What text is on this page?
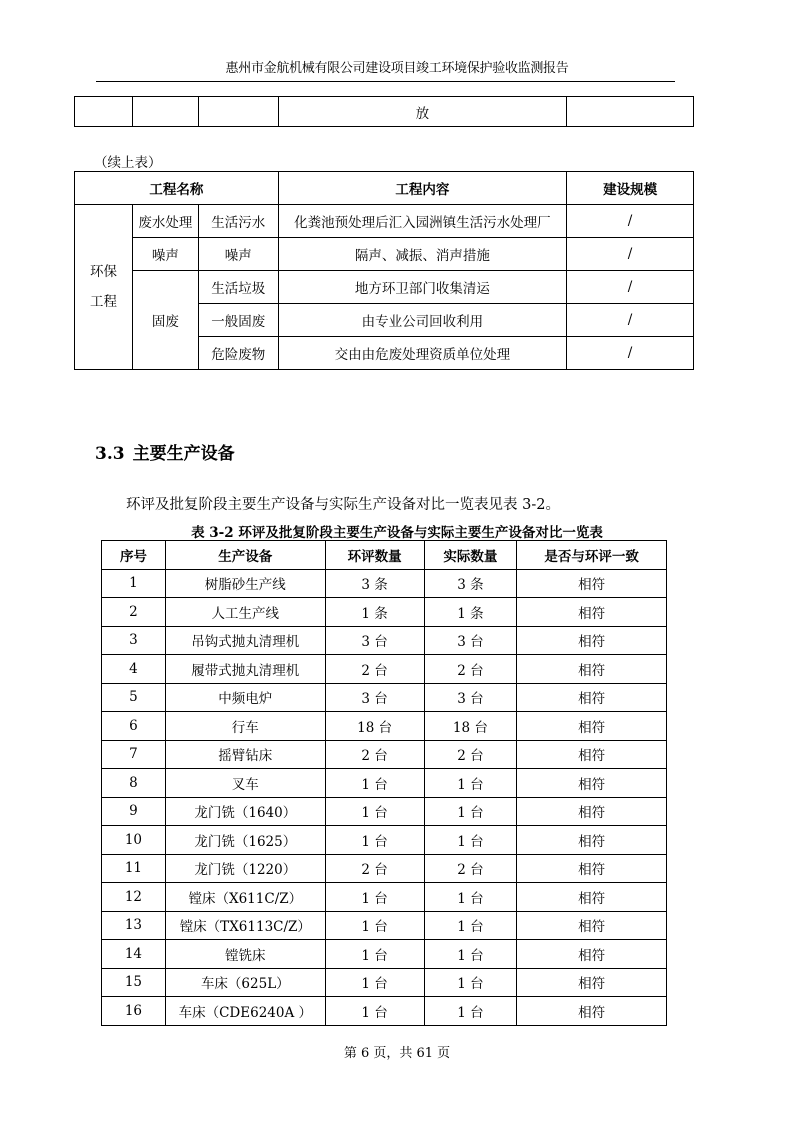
惠州市金航机械有限公司建设项目竣工环境保护验收监测报告
			放	
（续上表）
工程名称			工程内容	建设规模
环保工程	废水处理	生活污水	化粪池预处理后汇入园洲镇生活污水处理厂	/
	噪声	噪声	隔声、减振、消声措施	/
	固废	生活垃圾	地方环卫部门收集清运	/
		一般固废	由专业公司回收利用	/
		危险废物	交由由危废处理资质单位处理	/
3.3 主要生产设备
环评及批复阶段主要生产设备与实际生产设备对比一览表见表 3-2。
表 3-2 环评及批复阶段主要生产设备与实际主要生产设备对比一览表
序号	生产设备	环评数量	实际数量	是否与环评一致
1	树脂砂生产线	3 条	3 条	相符
2	人工生产线	1 条	1 条	相符
3	吊钩式抛丸清理机	3 台	3 台	相符
4	履带式抛丸清理机	2 台	2 台	相符
5	中频电炉	3 台	3 台	相符
6	行车	18 台	18 台	相符
7	摇臂钻床	2 台	2 台	相符
8	叉车	1 台	1 台	相符
9	龙门铣（1640）	1 台	1 台	相符
10	龙门铣（1625）	1 台	1 台	相符
11	龙门铣（1220）	2 台	2 台	相符
12	镗床（X611C/Z）	1 台	1 台	相符
13	镗床（TX6113C/Z）	1 台	1 台	相符
14	镗铣床	1 台	1 台	相符
15	车床（625L）	1 台	1 台	相符
16	车床（CDE6240A ）	1 台	1 台	相符
第 6 页，共 61 页
